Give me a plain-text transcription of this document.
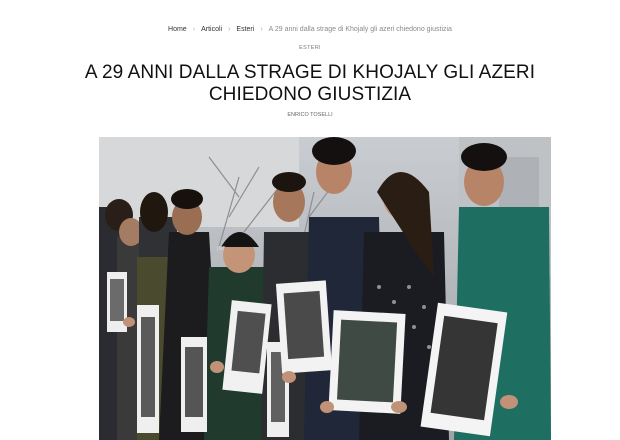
Home › Articoli › Esteri › A 29 anni dalla strage di Khojaly gli azeri chiedono giustizia
ESTERI
A 29 ANNI DALLA STRAGE DI KHOJALY GLI AZERI CHIEDONO GIUSTIZIA
ENRICO TOSELLI
JNT
